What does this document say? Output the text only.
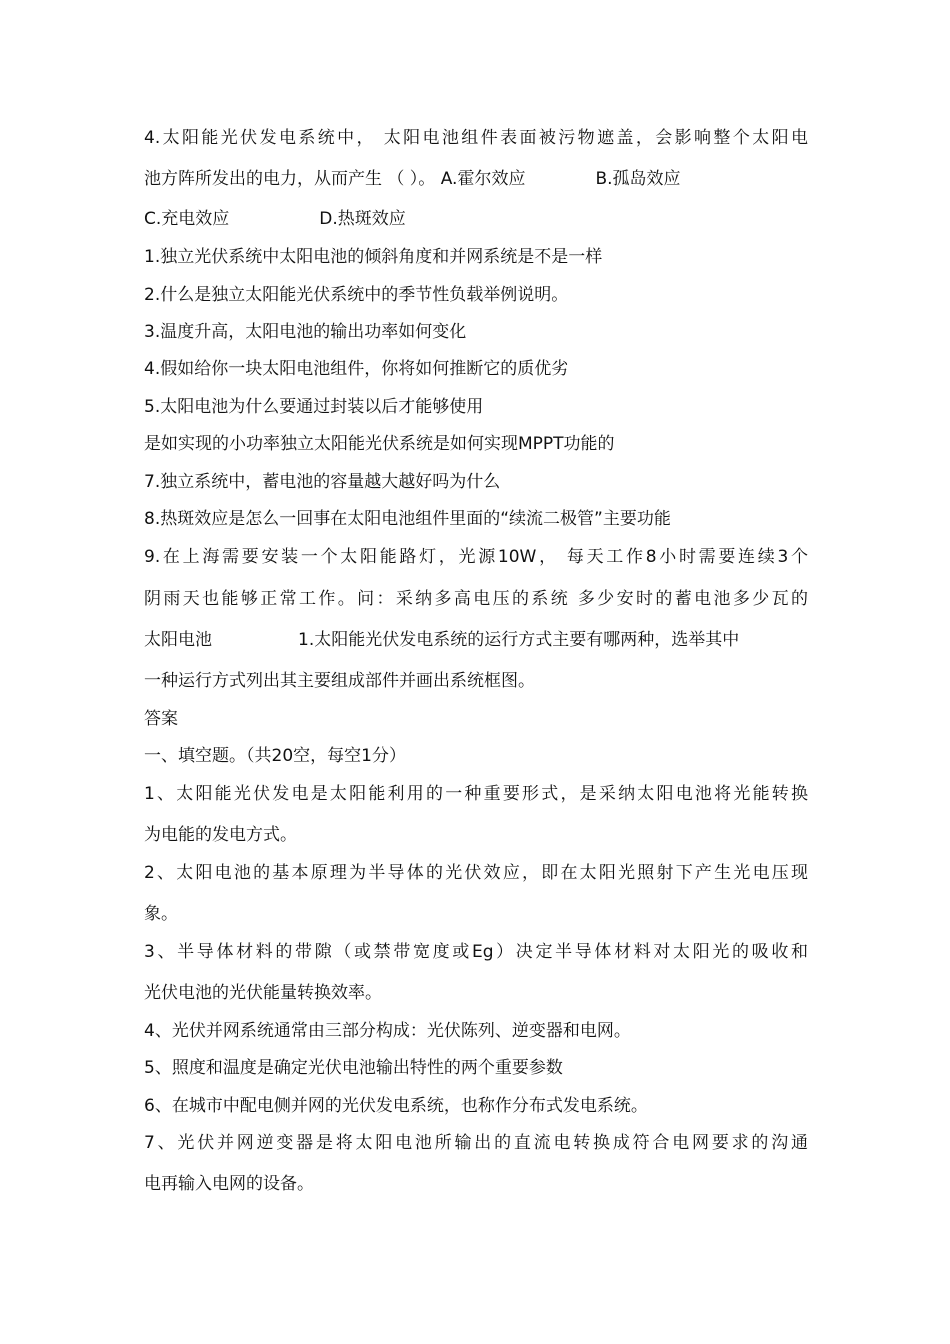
4.太阳能光伏发电系统中， 太阳电池组件表面被污物遮盖，会影响整个太阳电
池方阵所发出的电力，从而产生 （ ）。 A.霍尔效应	B.孤岛效应
C.充电效应	D.热斑效应
1.独立光伏系统中太阳电池的倾斜角度和并网系统是不是一样
2.什么是独立太阳能光伏系统中的季节性负载举例说明。
3.温度升高，太阳电池的输出功率如何变化
4.假如给你一块太阳电池组件，你将如何推断它的质优劣
5.太阳电池为什么要通过封装以后才能够使用
是如实现的小功率独立太阳能光伏系统是如何实现MPPT功能的
7.独立系统中，蓄电池的容量越大越好吗为什么
8.热斑效应是怎么一回事在太阳电池组件里面的“续流二极管”主要功能
9.在上海需要安装一个太阳能路灯，光源10W， 每天工作8小时需要连续3个
阴雨天也能够正常工作。问：采纳多高电压的系统 多少安时的蓄电池多少瓦的
太阳电池	1.太阳能光伏发电系统的运行方式主要有哪两种，选举其中
一种运行方式列出其主要组成部件并画出系统框图。
答案
一、填空题。（共20空，每空1分）
1、太阳能光伏发电是太阳能利用的一种重要形式，是采纳太阳电池将光能转换
为电能的发电方式。
2、太阳电池的基本原理为半导体的光伏效应，即在太阳光照射下产生光电压现
象。
3、半导体材料的带隙（或禁带宽度或Eg）决定半导体材料对太阳光的吸收和
光伏电池的光伏能量转换效率。
4、光伏并网系统通常由三部分构成：光伏陈列、逆变器和电网。
5、照度和温度是确定光伏电池输出特性的两个重要参数
6、在城市中配电侧并网的光伏发电系统，也称作分布式发电系统。
7、光伏并网逆变器是将太阳电池所输出的直流电转换成符合电网要求的沟通
电再输入电网的设备。
